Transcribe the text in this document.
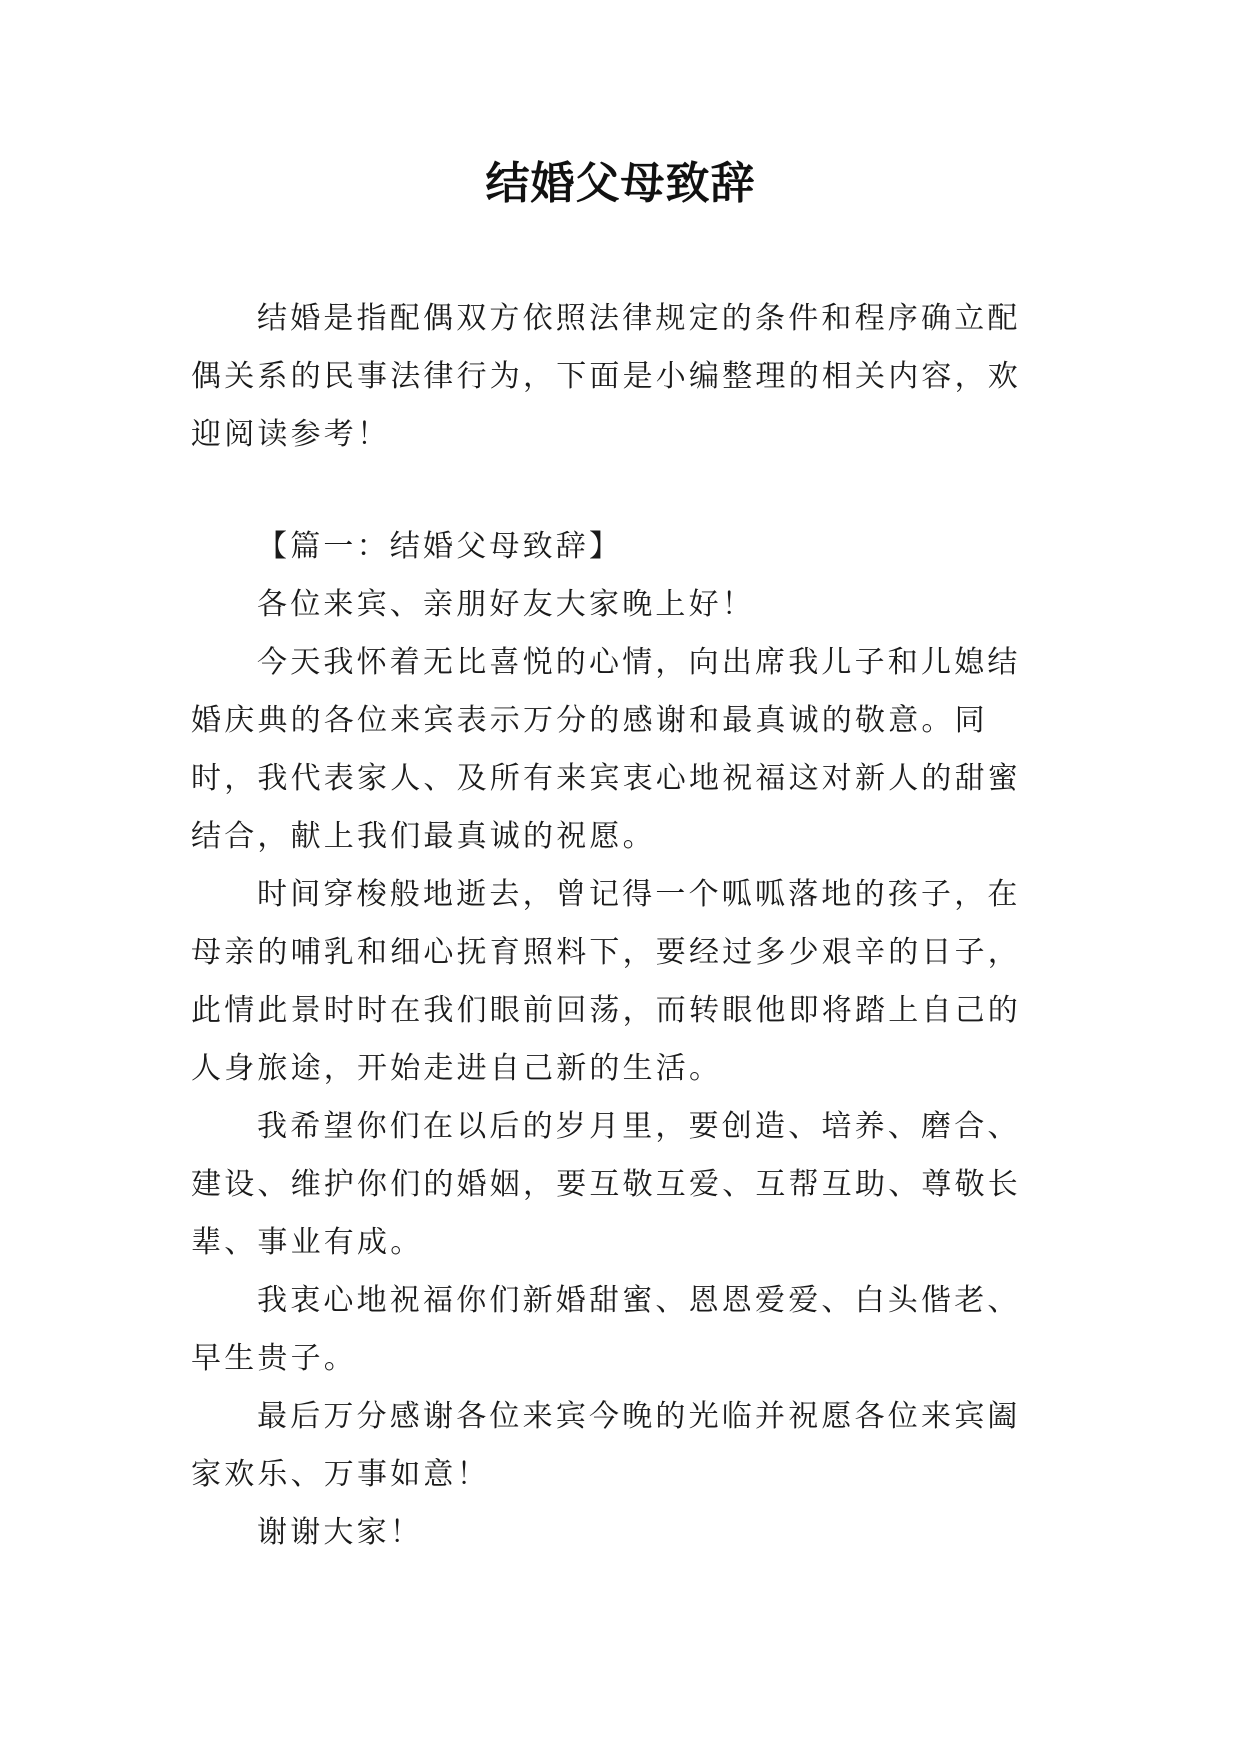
结婚父母致辞

结婚是指配偶双方依照法律规定的条件和程序确立配偶关系的民事法律行为，下面是小编整理的相关内容，欢迎阅读参考！

【篇一：结婚父母致辞】

各位来宾、亲朋好友大家晚上好！

今天我怀着无比喜悦的心情，向出席我儿子和儿媳结婚庆典的各位来宾表示万分的感谢和最真诚的敬意。同时，我代表家人、及所有来宾衷心地祝福这对新人的甜蜜结合，献上我们最真诚的祝愿。

时间穿梭般地逝去，曾记得一个呱呱落地的孩子，在母亲的哺乳和细心抚育照料下，要经过多少艰辛的日子，此情此景时时在我们眼前回荡，而转眼他即将踏上自己的人身旅途，开始走进自己新的生活。

我希望你们在以后的岁月里，要创造、培养、磨合、建设、维护你们的婚姻，要互敬互爱、互帮互助、尊敬长辈、事业有成。

我衷心地祝福你们新婚甜蜜、恩恩爱爱、白头偕老、早生贵子。

最后万分感谢各位来宾今晚的光临并祝愿各位来宾阖家欢乐、万事如意！

谢谢大家！
